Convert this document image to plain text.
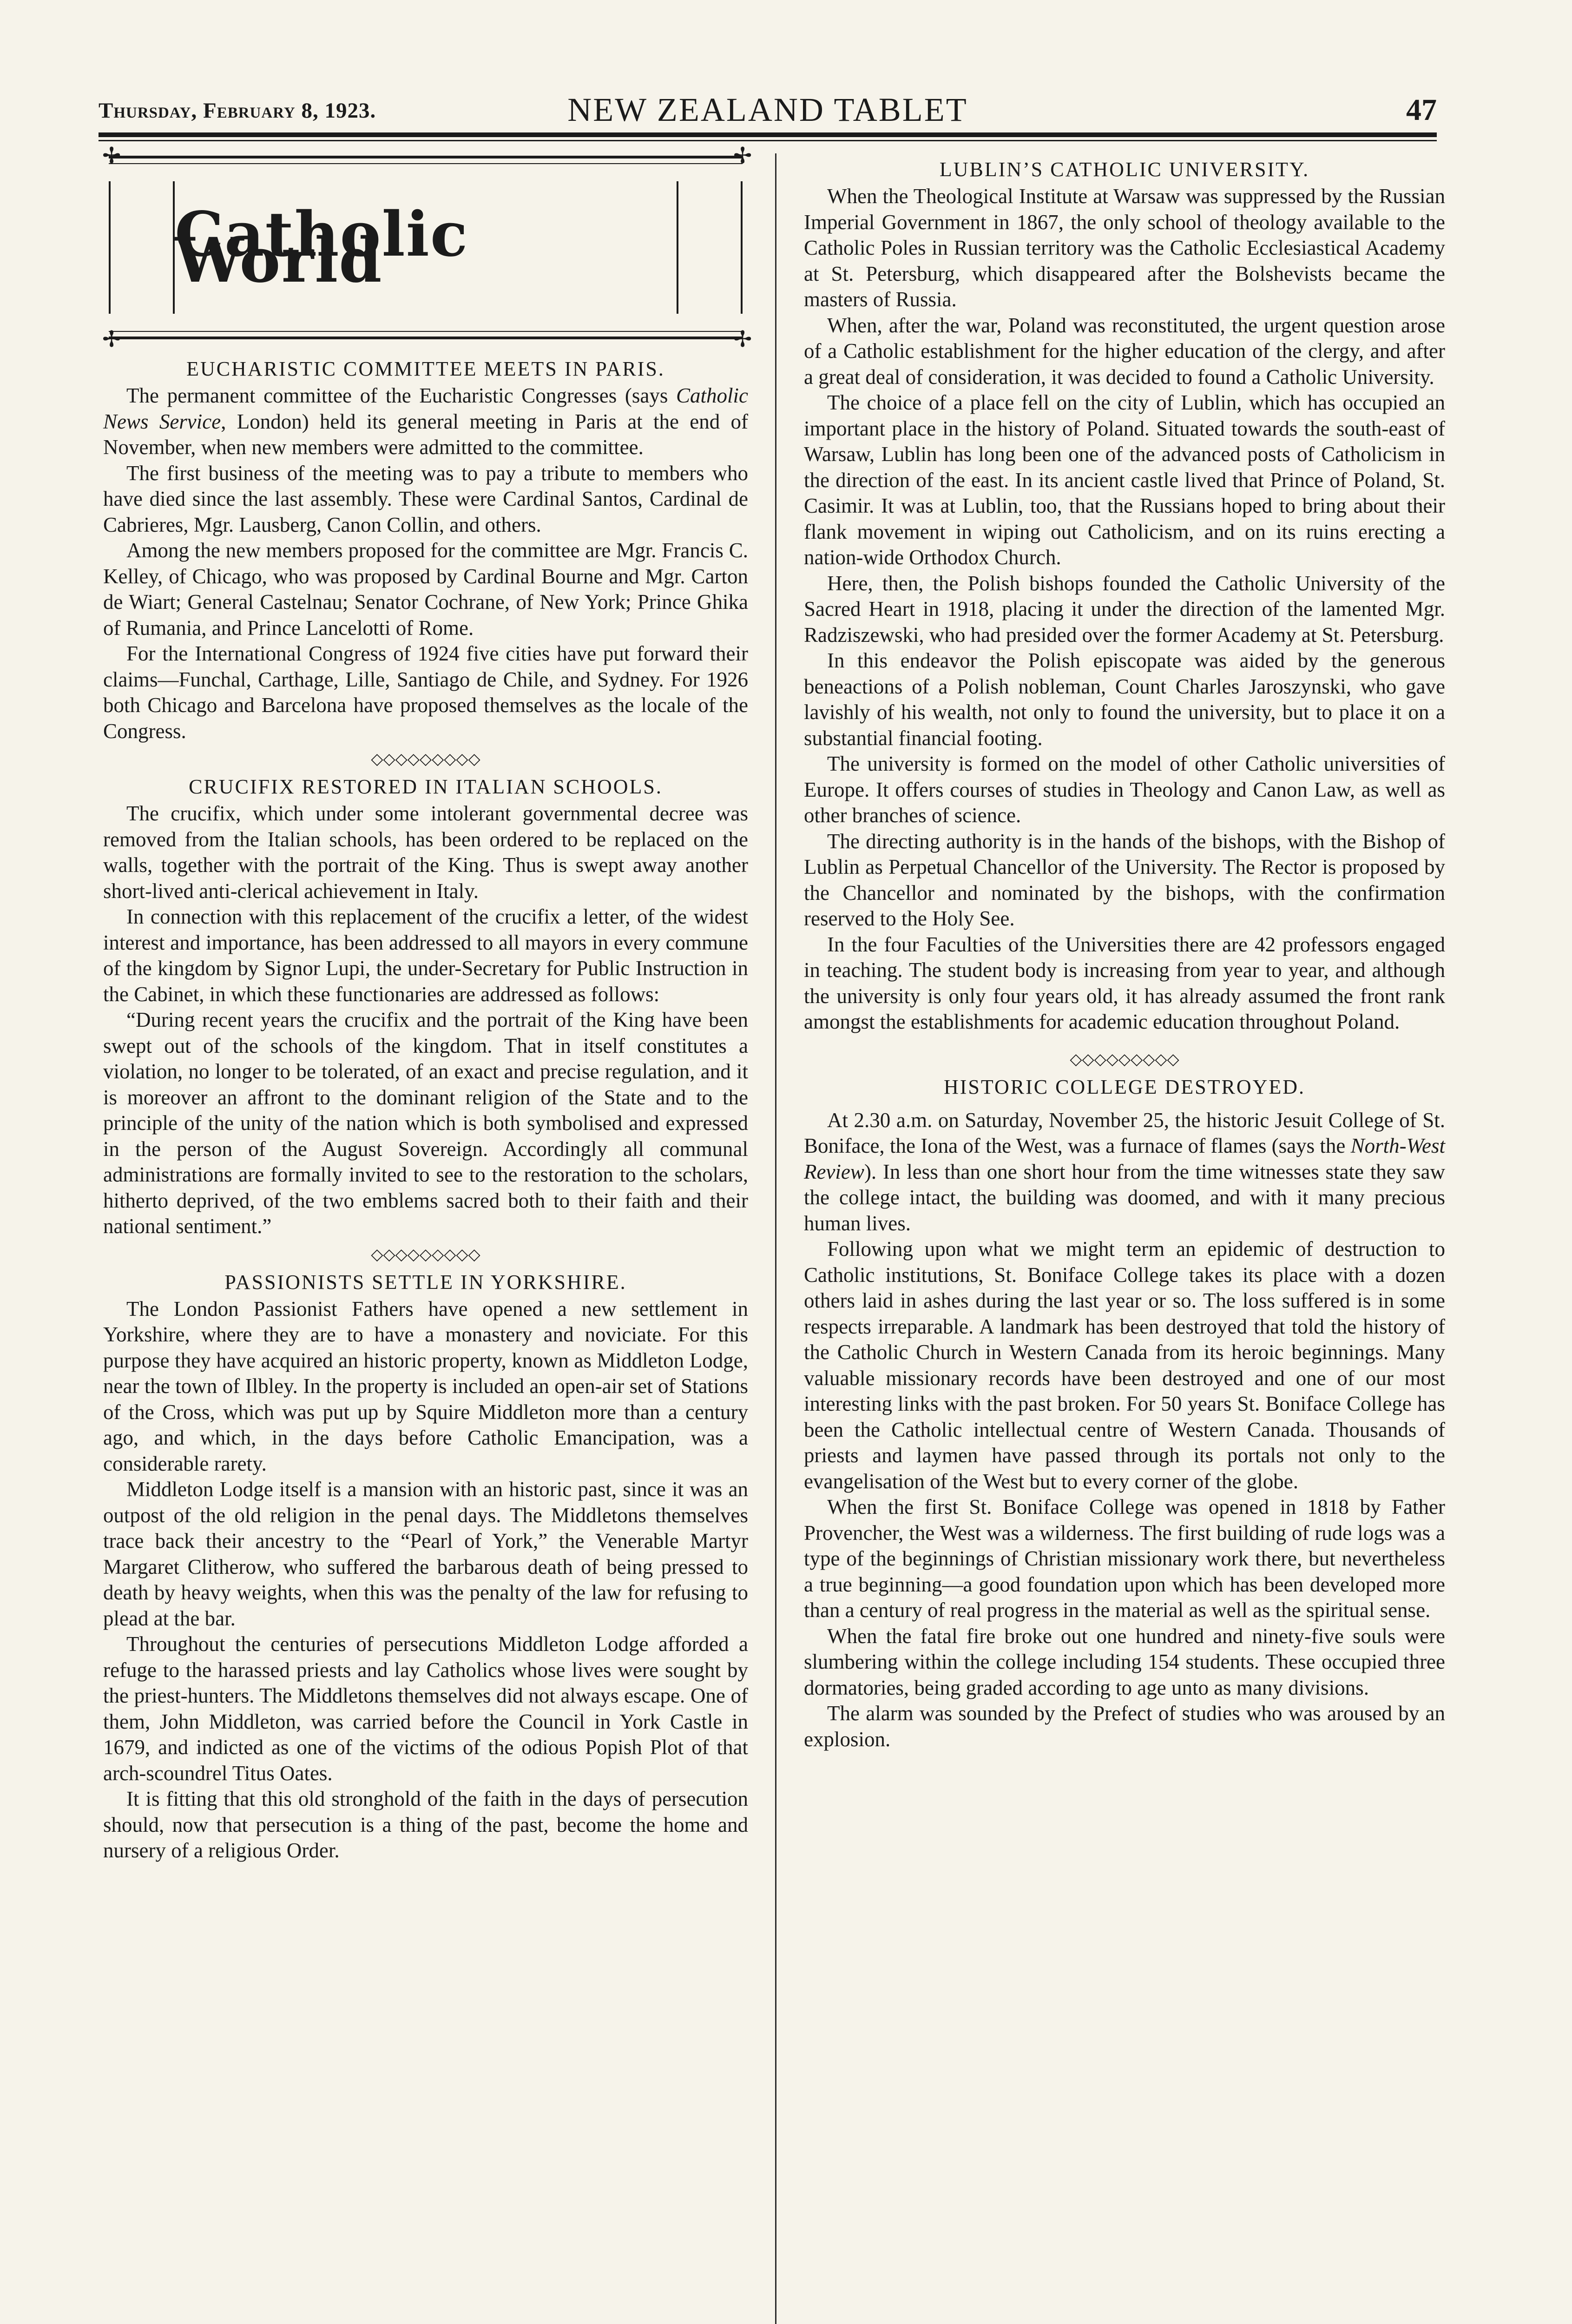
Thursday, February 8, 1923.	NEW ZEALAND TABLET	47
✢	✢
✢	✢
Catholic World
EUCHARISTIC COMMITTEE MEETS IN PARIS.

The permanent committee of the Eucharistic Congresses (says Catholic News Service, London) held its general meeting in Paris at the end of November, when new members were admitted to the committee.

The first business of the meeting was to pay a tribute to members who have died since the last assembly. These were Cardinal Santos, Cardinal de Cabrieres, Mgr. Lausberg, Canon Collin, and others.

Among the new members proposed for the committee are Mgr. Francis C. Kelley, of Chicago, who was proposed by Cardinal Bourne and Mgr. Carton de Wiart; General Castelnau; Senator Cochrane, of New York; Prince Ghika of Rumania, and Prince Lancelotti of Rome.

For the International Congress of 1924 five cities have put forward their claims—Funchal, Carthage, Lille, Santiago de Chile, and Sydney. For 1926 both Chicago and Barcelona have proposed themselves as the locale of the Congress.

◇◇◇◇◇◇◇◇◇
CRUCIFIX RESTORED IN ITALIAN SCHOOLS.

The crucifix, which under some intolerant governmental decree was removed from the Italian schools, has been ordered to be replaced on the walls, together with the portrait of the King. Thus is swept away another short-lived anti-clerical achievement in Italy.

In connection with this replacement of the crucifix a letter, of the widest interest and importance, has been addressed to all mayors in every commune of the kingdom by Signor Lupi, the under-Secretary for Public Instruction in the Cabinet, in which these functionaries are addressed as follows:

“During recent years the crucifix and the portrait of the King have been swept out of the schools of the kingdom. That in itself constitutes a violation, no longer to be tolerated, of an exact and precise regulation, and it is moreover an affront to the dominant religion of the State and to the principle of the unity of the nation which is both symbolised and expressed in the person of the August Sovereign. Accordingly all communal administrations are formally invited to see to the restoration to the scholars, hitherto deprived, of the two emblems sacred both to their faith and their national sentiment.”

◇◇◇◇◇◇◇◇◇
PASSIONISTS SETTLE IN YORKSHIRE.

The London Passionist Fathers have opened a new settlement in Yorkshire, where they are to have a monastery and noviciate. For this purpose they have acquired an historic property, known as Middleton Lodge, near the town of Ilbley. In the property is included an open-air set of Stations of the Cross, which was put up by Squire Middleton more than a century ago, and which, in the days before Catholic Emancipation, was a considerable rarety.

Middleton Lodge itself is a mansion with an historic past, since it was an outpost of the old religion in the penal days. The Middletons themselves trace back their ancestry to the “Pearl of York,” the Venerable Martyr Margaret Clitherow, who suffered the barbarous death of being pressed to death by heavy weights, when this was the penalty of the law for refusing to plead at the bar.

Throughout the centuries of persecutions Middleton Lodge afforded a refuge to the harassed priests and lay Catholics whose lives were sought by the priest-hunters. The Middletons themselves did not always escape. One of them, John Middleton, was carried before the Council in York Castle in 1679, and indicted as one of the victims of the odious Popish Plot of that arch-scoundrel Titus Oates.

It is fitting that this old stronghold of the faith in the days of persecution should, now that persecution is a thing of the past, become the home and nursery of a religious Order.

LUBLIN’S CATHOLIC UNIVERSITY.

When the Theological Institute at Warsaw was suppressed by the Russian Imperial Government in 1867, the only school of theology available to the Catholic Poles in Russian territory was the Catholic Ecclesiastical Academy at St. Petersburg, which disappeared after the Bolshevists became the masters of Russia.

When, after the war, Poland was reconstituted, the urgent question arose of a Catholic establishment for the higher education of the clergy, and after a great deal of consideration, it was decided to found a Catholic University.

The choice of a place fell on the city of Lublin, which has occupied an important place in the history of Poland. Situated towards the south-east of Warsaw, Lublin has long been one of the advanced posts of Catholicism in the direction of the east. In its ancient castle lived that Prince of Poland, St. Casimir. It was at Lublin, too, that the Russians hoped to bring about their flank movement in wiping out Catholicism, and on its ruins erecting a nation-wide Orthodox Church.

Here, then, the Polish bishops founded the Catholic University of the Sacred Heart in 1918, placing it under the direction of the lamented Mgr. Radziszewski, who had presided over the former Academy at St. Petersburg.

In this endeavor the Polish episcopate was aided by the generous beneactions of a Polish nobleman, Count Charles Jaroszynski, who gave lavishly of his wealth, not only to found the university, but to place it on a substantial financial footing.

The university is formed on the model of other Catholic universities of Europe. It offers courses of studies in Theology and Canon Law, as well as other branches of science.

The directing authority is in the hands of the bishops, with the Bishop of Lublin as Perpetual Chancellor of the University. The Rector is proposed by the Chancellor and nominated by the bishops, with the confirmation reserved to the Holy See.

In the four Faculties of the Universities there are 42 professors engaged in teaching. The student body is increasing from year to year, and although the university is only four years old, it has already assumed the front rank amongst the establishments for academic education throughout Poland.

◇◇◇◇◇◇◇◇◇
HISTORIC COLLEGE DESTROYED.

At 2.30 a.m. on Saturday, November 25, the historic Jesuit College of St. Boniface, the Iona of the West, was a furnace of flames (says the North-West Review). In less than one short hour from the time witnesses state they saw the college intact, the building was doomed, and with it many precious human lives.

Following upon what we might term an epidemic of destruction to Catholic institutions, St. Boniface College takes its place with a dozen others laid in ashes during the last year or so. The loss suffered is in some respects irreparable. A landmark has been destroyed that told the history of the Catholic Church in Western Canada from its heroic beginnings. Many valuable missionary records have been destroyed and one of our most interesting links with the past broken. For 50 years St. Boniface College has been the Catholic intellectual centre of Western Canada. Thousands of priests and laymen have passed through its portals not only to the evangelisation of the West but to every corner of the globe.

When the first St. Boniface College was opened in 1818 by Father Provencher, the West was a wilderness. The first building of rude logs was a type of the beginnings of Christian missionary work there, but nevertheless a true beginning—a good foundation upon which has been developed more than a century of real progress in the material as well as the spiritual sense.

When the fatal fire broke out one hundred and ninety-five souls were slumbering within the college including 154 students. These occupied three dormatories, being graded according to age unto as many divisions.

The alarm was sounded by the Prefect of studies who was aroused by an explosion.
